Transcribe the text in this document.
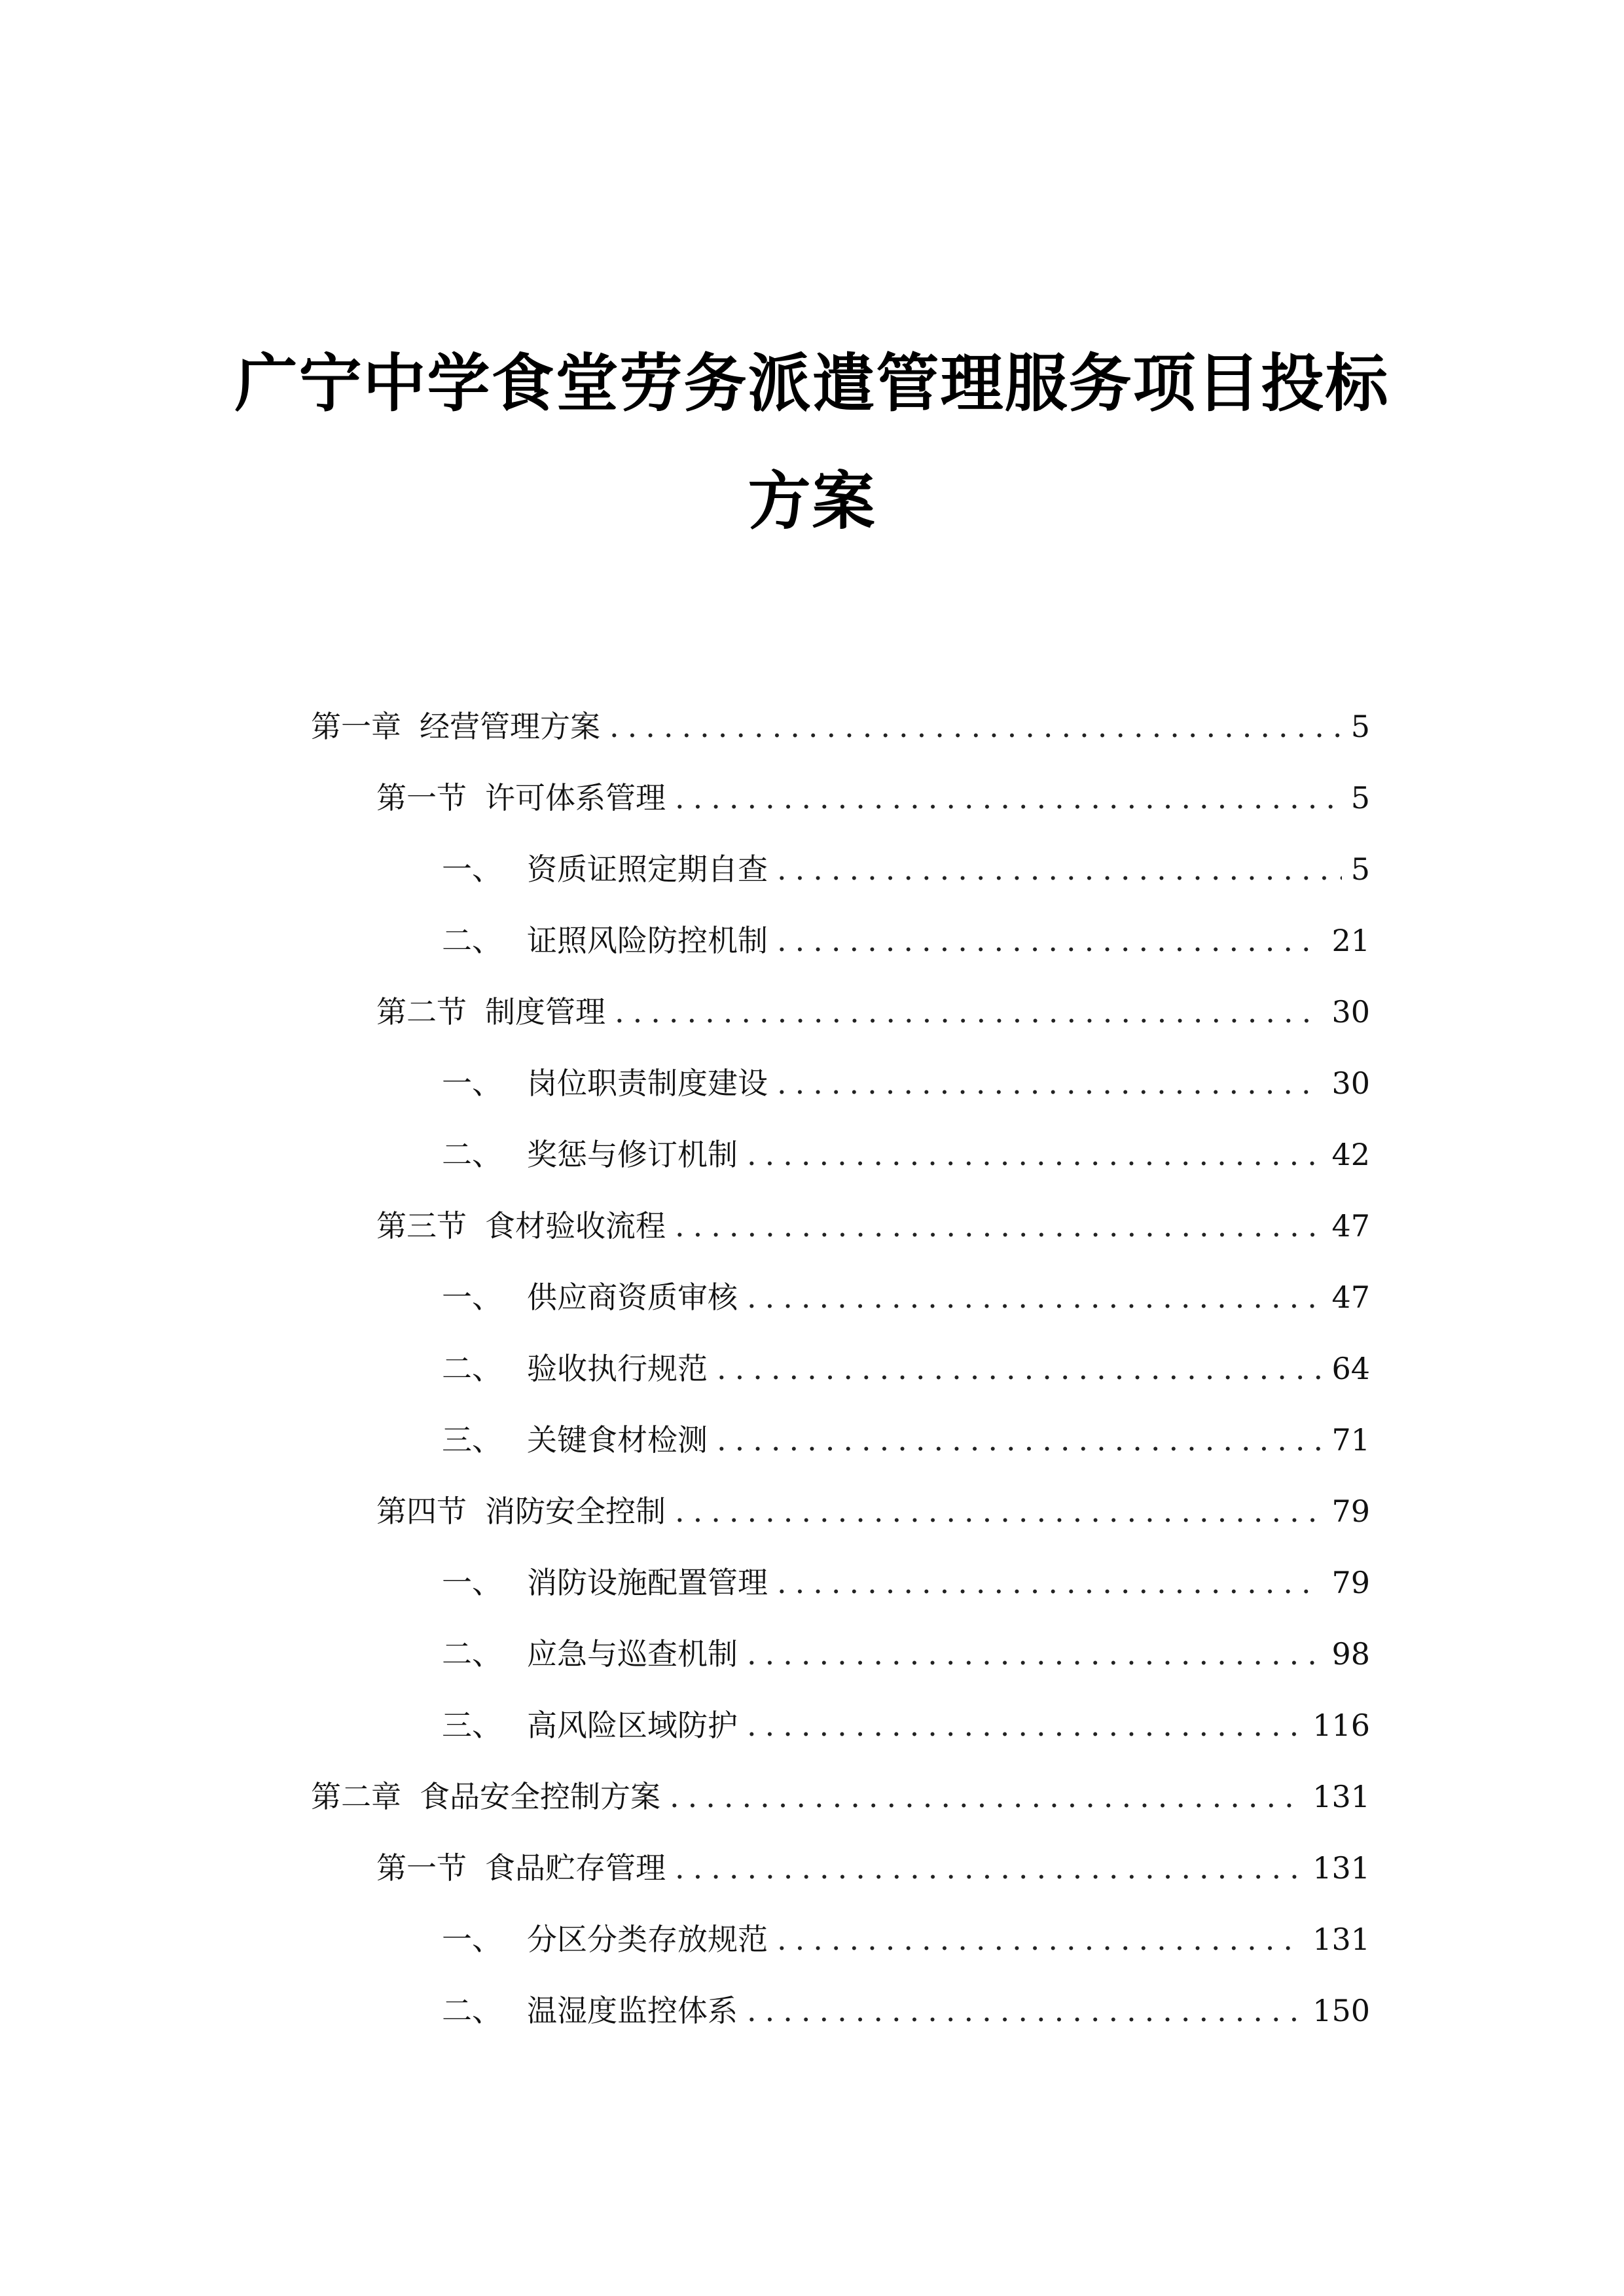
广宁中学食堂劳务派遣管理服务项目投标
方案
第一章 经营管理方案 .....	5
第一节 许可体系管理 .....	5
一、 资质证照定期自查 .....	5
二、 证照风险防控机制 .....	21
第二节 制度管理 .....	30
一、 岗位职责制度建设 .....	30
二、 奖惩与修订机制 .....	42
第三节 食材验收流程 .....	47
一、 供应商资质审核 .....	47
二、 验收执行规范 .....	64
三、 关键食材检测 .....	71
第四节 消防安全控制 .....	79
一、 消防设施配置管理 .....	79
二、 应急与巡查机制 .....	98
三、 高风险区域防护 .....	116
第二章 食品安全控制方案 .....	131
第一节 食品贮存管理 .....	131
一、 分区分类存放规范 .....	131
二、 温湿度监控体系 .....	150
